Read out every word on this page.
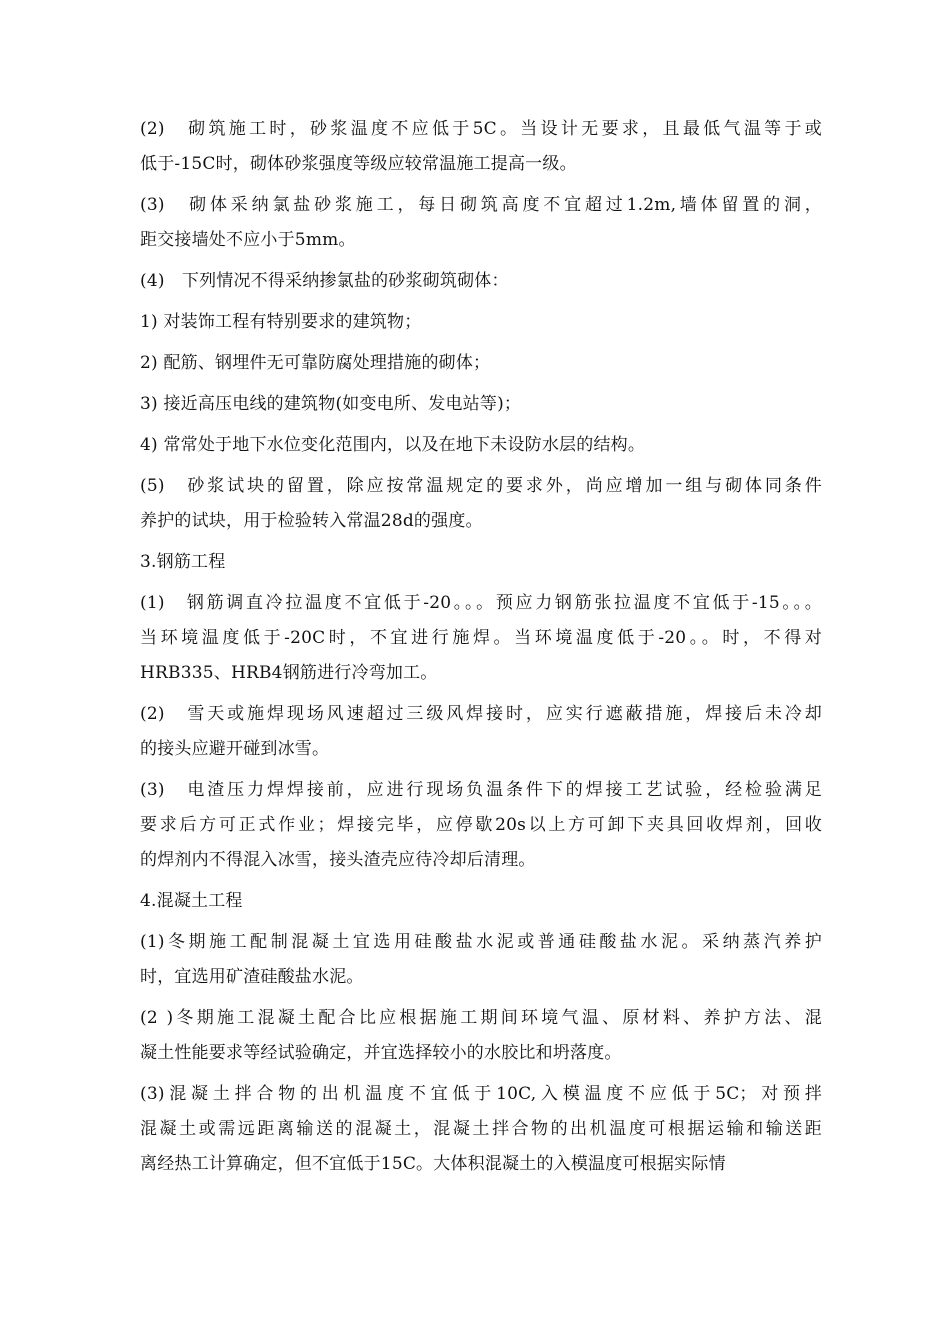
(2)　砌筑施工时，砂浆温度不应低于5C。当设计无要求，且最低气温等于或
低于-15C时，砌体砂浆强度等级应较常温施工提高一级。
(3)　砌体采纳氯盐砂浆施工，每日砌筑高度不宜超过1.2m,墙体留置的洞，
距交接墙处不应小于5mm。
(4)　下列情况不得采纳掺氯盐的砂浆砌筑砌体：
1) 对装饰工程有特别要求的建筑物；
2) 配筋、钢埋件无可靠防腐处理措施的砌体；
3) 接近高压电线的建筑物(如变电所、发电站等)；
4) 常常处于地下水位变化范围内，以及在地下未设防水层的结构。
(5)　砂浆试块的留置，除应按常温规定的要求外，尚应增加一组与砌体同条件
养护的试块，用于检验转入常温28d的强度。
3.钢筋工程
(1)　钢筋调直冷拉温度不宜低于-20。。。预应力钢筋张拉温度不宜低于-15。。。
当环境温度低于-20C时，不宜进行施焊。当环境温度低于-20。。时，不得对
HRB335、HRB4钢筋进行冷弯加工。
(2)　雪天或施焊现场风速超过三级风焊接时，应实行遮蔽措施，焊接后未冷却
的接头应避开碰到冰雪。
(3)　电渣压力焊焊接前，应进行现场负温条件下的焊接工艺试验，经检验满足
要求后方可正式作业；焊接完毕，应停歇20s以上方可卸下夹具回收焊剂，回收
的焊剂内不得混入冰雪，接头渣壳应待冷却后清理。
4.混凝土工程
(1)冬期施工配制混凝土宜选用硅酸盐水泥或普通硅酸盐水泥。采纳蒸汽养护
时，宜选用矿渣硅酸盐水泥。
(2 )冬期施工混凝土配合比应根据施工期间环境气温、原材料、养护方法、混
凝土性能要求等经试验确定，并宜选择较小的水胶比和坍落度。
(3)混凝土拌合物的出机温度不宜低于10C,入模温度不应低于5C；对预拌
混凝土或需远距离输送的混凝土，混凝土拌合物的出机温度可根据运输和输送距
离经热工计算确定，但不宜低于15C。大体积混凝土的入模温度可根据实际情
